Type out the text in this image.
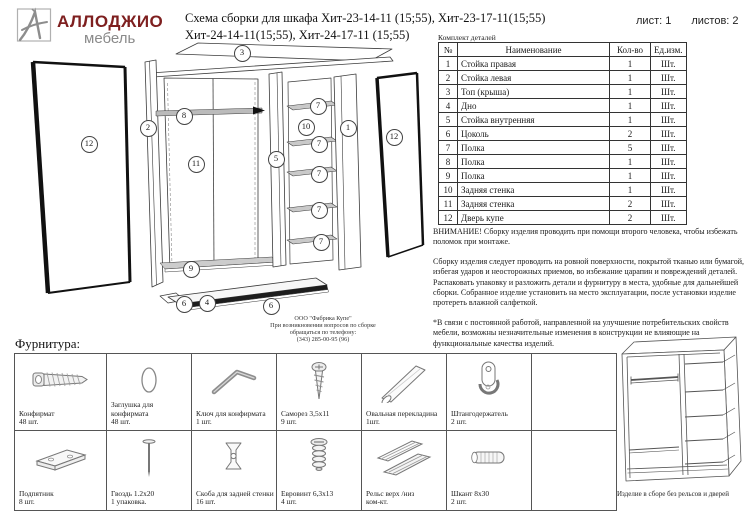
АЛЛОДЖИО
мебель
Схема сборки для шкафа Хит-23-14-11 (15;55), Хит-23-17-11(15;55)
Хит-24-14-11(15;55), Хит-24-17-11 (15;55)
лист: 1 листов: 2
Комплект деталей
№	Наименование	Кол-во	Ед.изм.
1	Стойка правая	1	Шт.
2	Стойка левая	1	Шт.
3	Топ (крыша)	1	Шт.
4	Дно	1	Шт.
5	Стойка внутренняя	1	Шт.
6	Цоколь	2	Шт.
7	Полка	5	Шт.
8	Полка	1	Шт.
9	Полка	1	Шт.
10	Задняя стенка	1	Шт.
11	Задняя стенка	2	Шт.
12	Дверь купе	2	Шт.
3
12
2
8
11
9
5
7
10
7
7
7
7
1
12
6	4	6
ООО "Фабрика Купе"
При возникновении вопросов по сборке
обращаться по телефону:
(343) 285-00-95 (96)

ВНИМАНИЕ! Сборку изделия проводить при помощи второго человека, чтобы избежать поломок при монтаже.

Сборку изделия следует проводить на ровной поверхности, покрытой тканью или бумагой, избегая ударов и неосторожных приемов, во избежание царапин и повреждений деталей. Распаковать упаковку и разложить детали и фурнитуру в места, удобные для дальнейшей сборки. Собранное изделие установить на место эксплуатации, после установки изделие протереть влажной салфеткой.

*В связи с постоянной работой, направленной на улучшение потребительских свойств мебели, возможны незначительные изменения в конструкции не влияющие на функциональные качества изделий.

Фурнитура:
Конфирмат
48 шт.
Заглушка для конфирмата
48 шт.
Ключ для конфирмата
1 шт.
Саморез 3,5х11
9 шт.
Овальная перекладина
1шт.
Штангодержатель
2 шт.
Подпятник
8 шт.
Гвоздь 1.2х20
1 упаковка.
Скоба для задней стенки
16 шт.
Евровинт 6,3х13
4 шт.
Рельс верх /низ
ком-кт.
Шкант 8х30
2 шт.
Изделие в сборе без рельсов и дверей
